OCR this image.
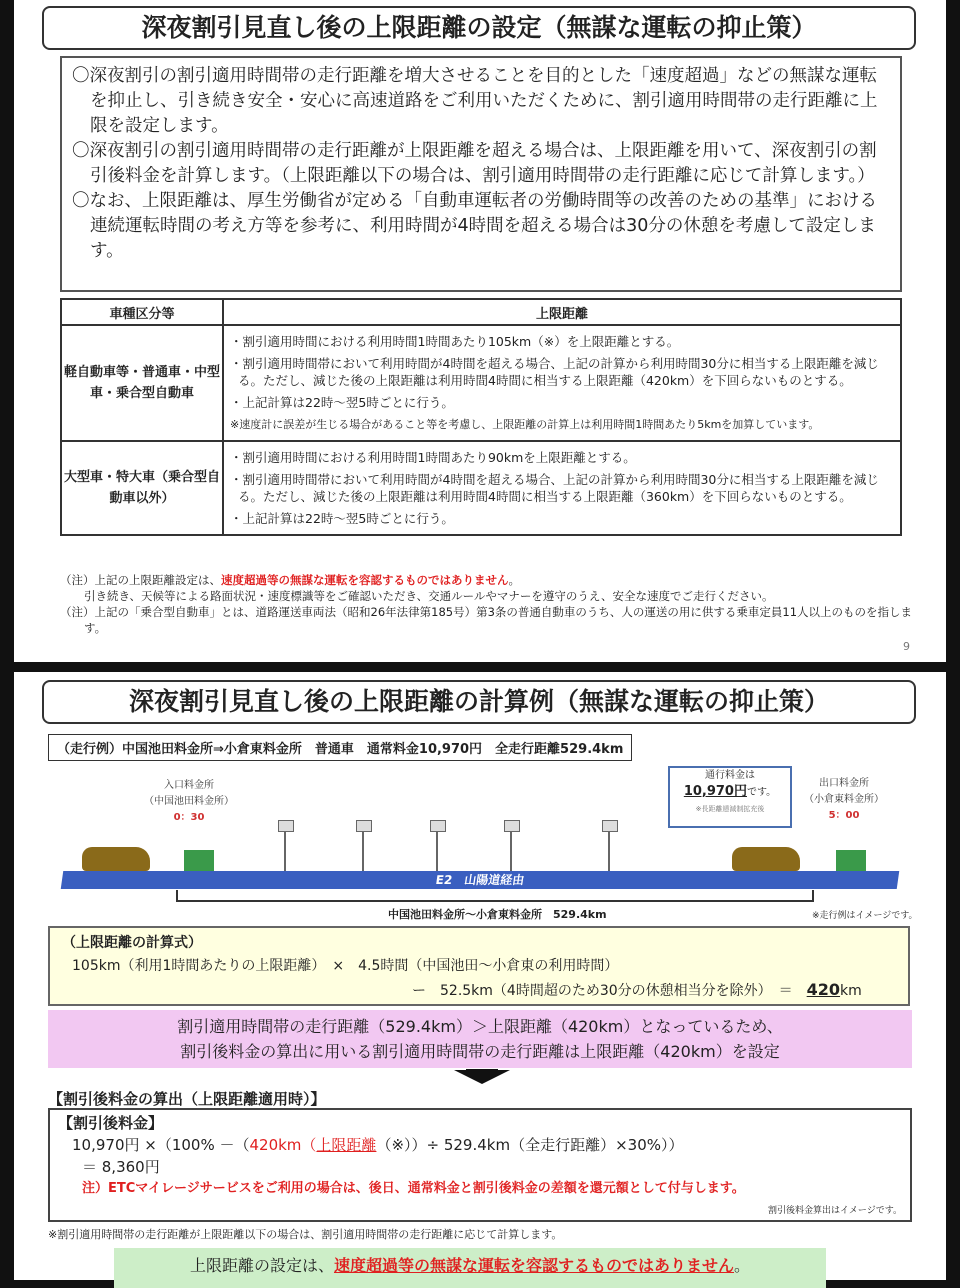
深夜割引見直し後の上限距離の設定（無謀な運転の抑止策）

〇深夜割引の割引適用時間帯の走行距離を増大させることを目的とした「速度超過」などの無謀な運転を抑止し、引き続き安全・安心に高速道路をご利用いただくために、割引適用時間帯の走行距離に上限を設定します。

〇深夜割引の割引適用時間帯の走行距離が上限距離を超える場合は、上限距離を用いて、深夜割引の割引後料金を計算します。（上限距離以下の場合は、割引適用時間帯の走行距離に応じて計算します。）

〇なお、上限距離は、厚生労働省が定める「自動車運転者の労働時間等の改善のための基準」における連続運転時間の考え方等を参考に、利用時間が4時間を超える場合は30分の休憩を考慮して設定します。

車種区分等	上限距離
軽自動車等・普通車・中型車・乗合型自動車	・割引適用時間における利用時間1時間あたり105km（※）を上限距離とする。
・割引適用時間帯において利用時間が4時間を超える場合、上記の計算から利用時間30分に相当する上限距離を減じる。ただし、減じた後の上限距離は利用時間4時間に相当する上限距離（420km）を下回らないものとする。
・上記計算は22時～翌5時ごとに行う。
※速度計に誤差が生じる場合があること等を考慮し、上限距離の計算上は利用時間1時間あたり5kmを加算しています。

大型車・特大車（乗合型自動車以外）	・割引適用時間における利用時間1時間あたり90kmを上限距離とする。
・割引適用時間帯において利用時間が4時間を超える場合、上記の計算から利用時間30分に相当する上限距離を減じる。ただし、減じた後の上限距離は利用時間4時間に相当する上限距離（360km）を下回らないものとする。
・上記計算は22時～翌5時ごとに行う。
（注）上記の上限距離設定は、速度超過等の無謀な運転を容認するものではありません。
引き続き、天候等による路面状況・速度標識等をご確認いただき、交通ルールやマナーを遵守のうえ、安全な速度でご走行ください。
（注）上記の「乗合型自動車」とは、道路運送車両法（昭和26年法律第185号）第3条の普通自動車のうち、人の運送の用に供する乗車定員11人以上のものを指します。
9
深夜割引見直し後の上限距離の計算例（無謀な運転の抑止策）
（走行例）中国池田料金所⇒小倉東料金所　普通車　通常料金10,970円　全走行距離529.4km
入口料金所
（中国池田料金所）
0：30
出口料金所
（小倉東料金所）
5：00
通行料金は
10,970円です。
※長距離逓減制拡充後
E2　山陽道経由
中国池田料金所～小倉東料金所　529.4km	※走行例はイメージです。
（上限距離の計算式）
105km（利用1時間あたりの上限距離）　×　4.5時間（中国池田～小倉東の利用時間）
ー　52.5km（4時間超のため30分の休憩相当分を除外）　＝　420km
割引適用時間帯の走行距離（529.4km）＞上限距離（420km）となっているため、
割引後料金の算出に用いる割引適用時間帯の走行距離は上限距離（420km）を設定
【割引後料金の算出（上限距離適用時）】
【割引後料金】
10,970円 ×（100% －（420km（上限距離（※））÷ 529.4km（全走行距離）×30%））
＝ 8,360円
注）ETCマイレージサービスをご利用の場合は、後日、通常料金と割引後料金の差額を還元額として付与します。
割引後料金算出はイメージです。
※割引適用時間帯の走行距離が上限距離以下の場合は、割引適用時間帯の走行距離に応じて計算します。
上限距離の設定は、速度超過等の無謀な運転を容認するものではありません。
